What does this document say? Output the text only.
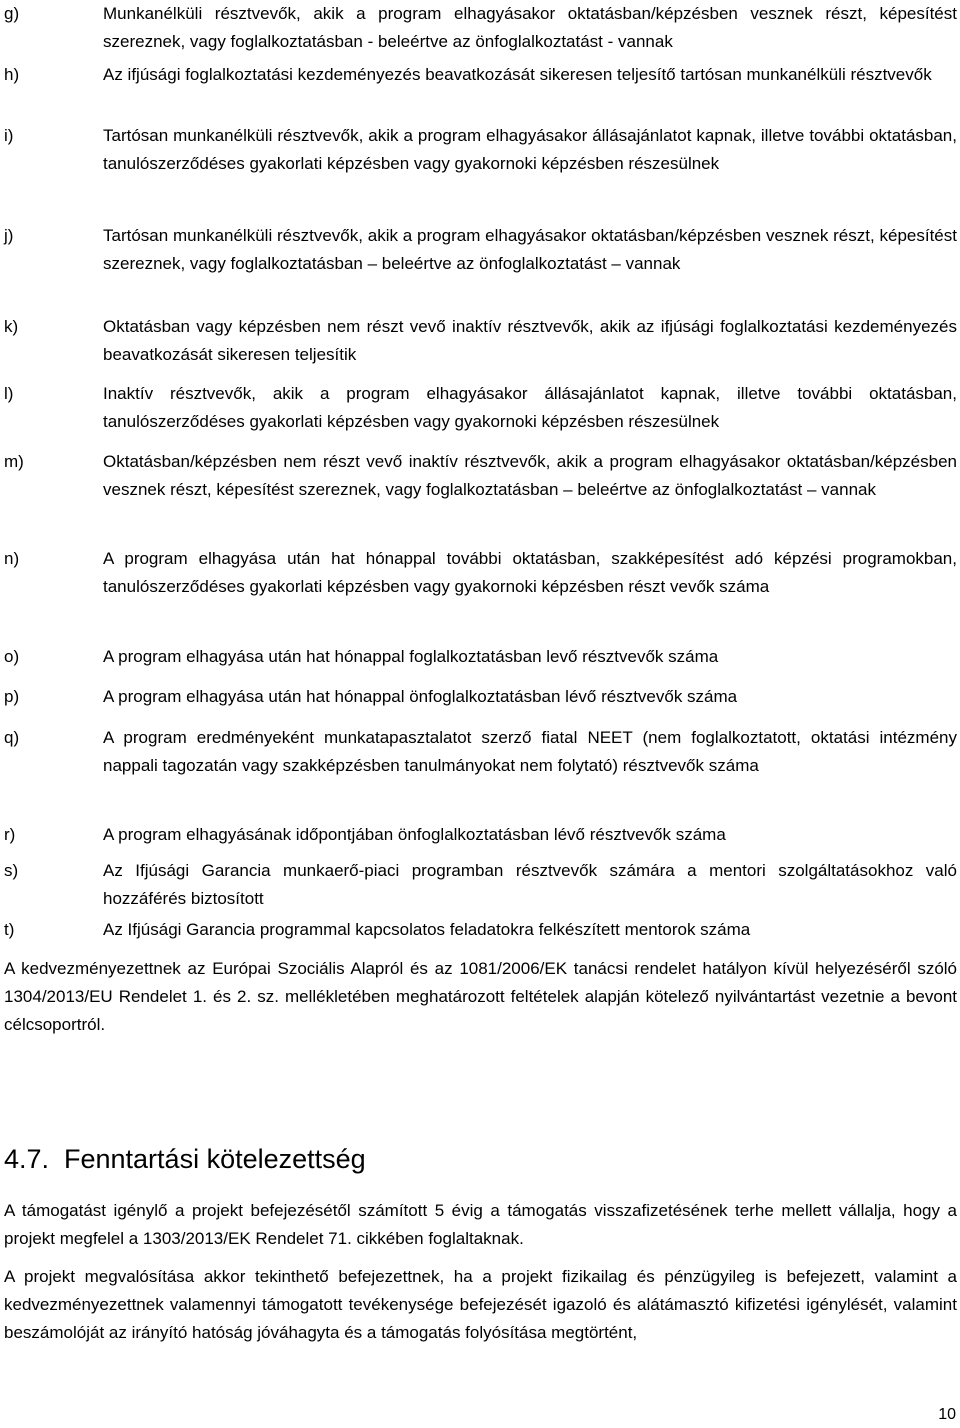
g)	Munkanélküli résztvevők, akik a program elhagyásakor oktatásban/képzésben vesznek részt, képesítést szereznek, vagy foglalkoztatásban - beleértve az önfoglalkoztatást - vannak
h)	Az ifjúsági foglalkoztatási kezdeményezés beavatkozását sikeresen teljesítő tartósan munkanélküli résztvevők
i)	Tartósan munkanélküli résztvevők, akik a program elhagyásakor állásajánlatot kapnak, illetve további oktatásban, tanulószerződéses gyakorlati képzésben vagy gyakornoki képzésben részesülnek
j)	Tartósan munkanélküli résztvevők, akik a program elhagyásakor oktatásban/képzésben vesznek részt, képesítést szereznek, vagy foglalkoztatásban – beleértve az önfoglalkoztatást – vannak
k)	Oktatásban vagy képzésben nem részt vevő inaktív résztvevők, akik az ifjúsági foglalkoztatási kezdeményezés beavatkozását sikeresen teljesítik
l)	Inaktív résztvevők, akik a program elhagyásakor állásajánlatot kapnak, illetve további oktatásban, tanulószerződéses gyakorlati képzésben vagy gyakornoki képzésben részesülnek
m)	Oktatásban/képzésben nem részt vevő inaktív résztvevők, akik a program elhagyásakor oktatásban/képzésben vesznek részt, képesítést szereznek, vagy foglalkoztatásban – beleértve az önfoglalkoztatást – vannak
n)	A program elhagyása után hat hónappal további oktatásban, szakképesítést adó képzési programokban, tanulószerződéses gyakorlati képzésben vagy gyakornoki képzésben részt vevők száma
o)	A program elhagyása után hat hónappal foglalkoztatásban levő résztvevők száma
p)	A program elhagyása után hat hónappal önfoglalkoztatásban lévő résztvevők száma
q)	A program eredményeként munkatapasztalatot szerző fiatal NEET (nem foglalkoztatott, oktatási intézmény nappali tagozatán vagy szakképzésben tanulmányokat nem folytató) résztvevők száma
r)	A program elhagyásának időpontjában önfoglalkoztatásban lévő résztvevők száma
s)	Az Ifjúsági Garancia munkaerő-piaci programban résztvevők számára a mentori szolgáltatásokhoz való hozzáférés biztosított
t)	Az Ifjúsági Garancia programmal kapcsolatos feladatokra felkészített mentorok száma

A kedvezményezettnek az Európai Szociális Alapról és az 1081/2006/EK tanácsi rendelet hatályon kívül helyezéséről szóló 1304/2013/EU Rendelet 1. és 2. sz. mellékletében meghatározott feltételek alapján kötelező nyilvántartást vezetnie a bevont célcsoportról.

4.7. Fenntartási kötelezettség

A támogatást igénylő a projekt befejezésétől számított 5 évig a támogatás visszafizetésének terhe mellett vállalja, hogy a projekt megfelel a 1303/2013/EK Rendelet 71. cikkében foglaltaknak.

A projekt megvalósítása akkor tekinthető befejezettnek, ha a projekt fizikailag és pénzügyileg is befejezett, valamint a kedvezményezettnek valamennyi támogatott tevékenysége befejezését igazoló és alátámasztó kifizetési igénylését, valamint beszámolóját az irányító hatóság jóváhagyta és a támogatás folyósítása megtörtént,

10
